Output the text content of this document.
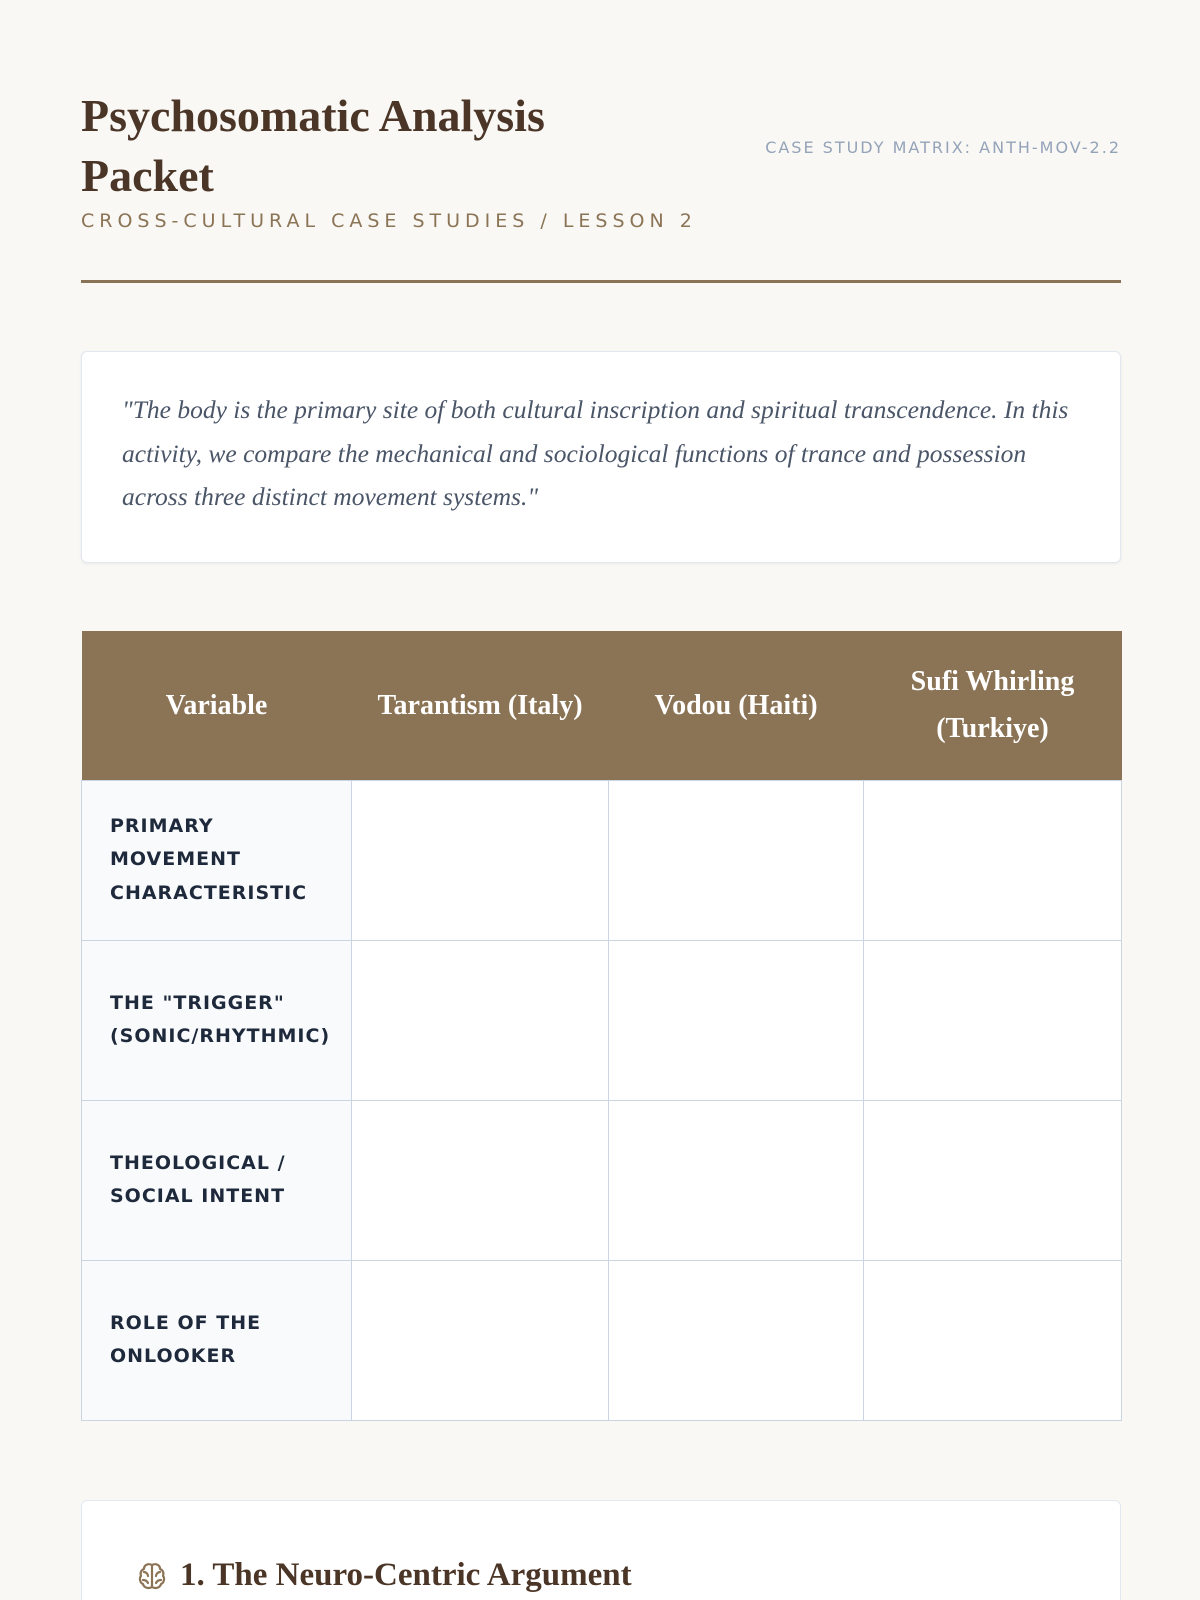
Psychosomatic Analysis Packet
CROSS-CULTURAL CASE STUDIES / LESSON 2
CASE STUDY MATRIX: ANTH-MOV-2.2

"The body is the primary site of both cultural inscription and spiritual transcendence. In this activity, we compare the mechanical and sociological functions of trance and possession across three distinct movement systems."

Variable	Tarantism (Italy)	Vodou (Haiti)	Sufi Whirling (Turkiye)
PRIMARY MOVEMENT CHARACTERISTIC			
THE "TRIGGER" (SONIC/RHYTHMIC)			
THEOLOGICAL / SOCIAL INTENT			
ROLE OF THE ONLOOKER			
1. The Neuro-Centric Argument
